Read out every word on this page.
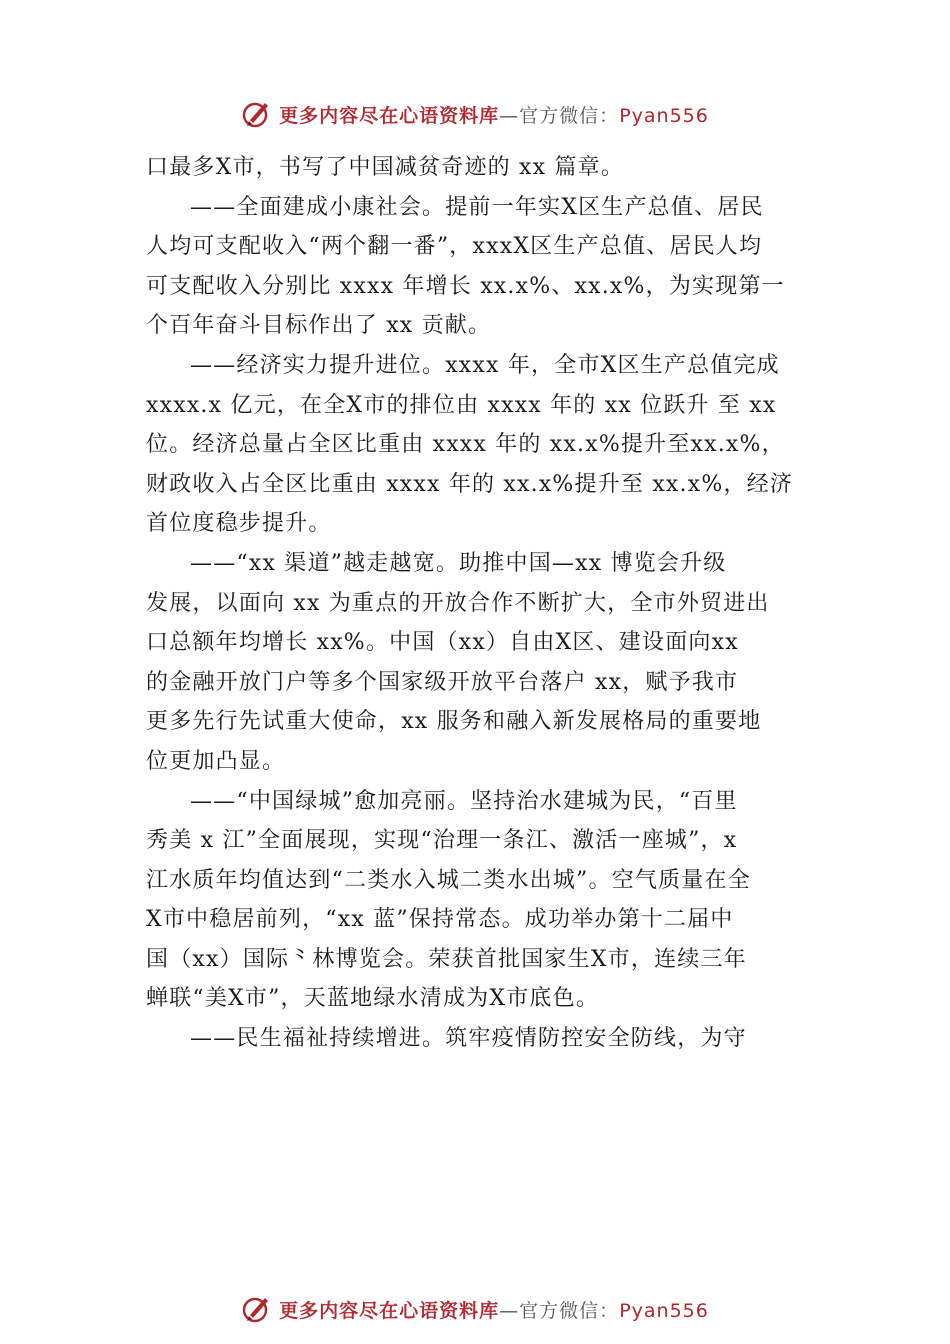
更多内容尽在心语资料库—官方微信：Pyan556
口最多X市，书写了中国减贫奇迹的 xx 篇章。
——全面建成小康社会。提前一年实X区生产总值、居民
人均可支配收入“两个翻一番”，xxxX区生产总值、居民人均
可支配收入分别比 xxxx 年增长 xx.x%、xx.x%，为实现第一
个百年奋斗目标作出了 xx 贡献。
——经济实力提升进位。xxxx 年，全市X区生产总值完成
xxxx.x 亿元，在全X市的排位由 xxxx 年的 xx 位跃升 至 xx
位。经济总量占全区比重由 xxxx 年的 xx.x%提升至xx.x%，
财政收入占全区比重由 xxxx 年的 xx.x%提升至 xx.x%，经济
首位度稳步提升。
——“xx 渠道”越走越宽。助推中国—xx 博览会升级
发展，以面向 xx 为重点的开放合作不断扩大，全市外贸进出
口总额年均增长 xx%。中国（xx）自由X区、建设面向xx
的金融开放门户等多个国家级开放平台落户 xx，赋予我市
更多先行先试重大使命，xx 服务和融入新发展格局的重要地
位更加凸显。
——“中国绿城”愈加亮丽。坚持治水建城为民，“百里
秀美 x 江”全面展现，实现“治理一条江、激活一座城”，x
江水质年均值达到“二类水入城二类水出城”。空气质量在全
X市中稳居前列，“xx 蓝”保持常态。成功举办第十二届中
国（xx）国际⺀林博览会。荣获首批国家生X市，连续三年
蝉联“美X市”，天蓝地绿水清成为X市底色。
——民生福祉持续增进。筑牢疫情防控安全防线，为守
更多内容尽在心语资料库—官方微信：Pyan556
